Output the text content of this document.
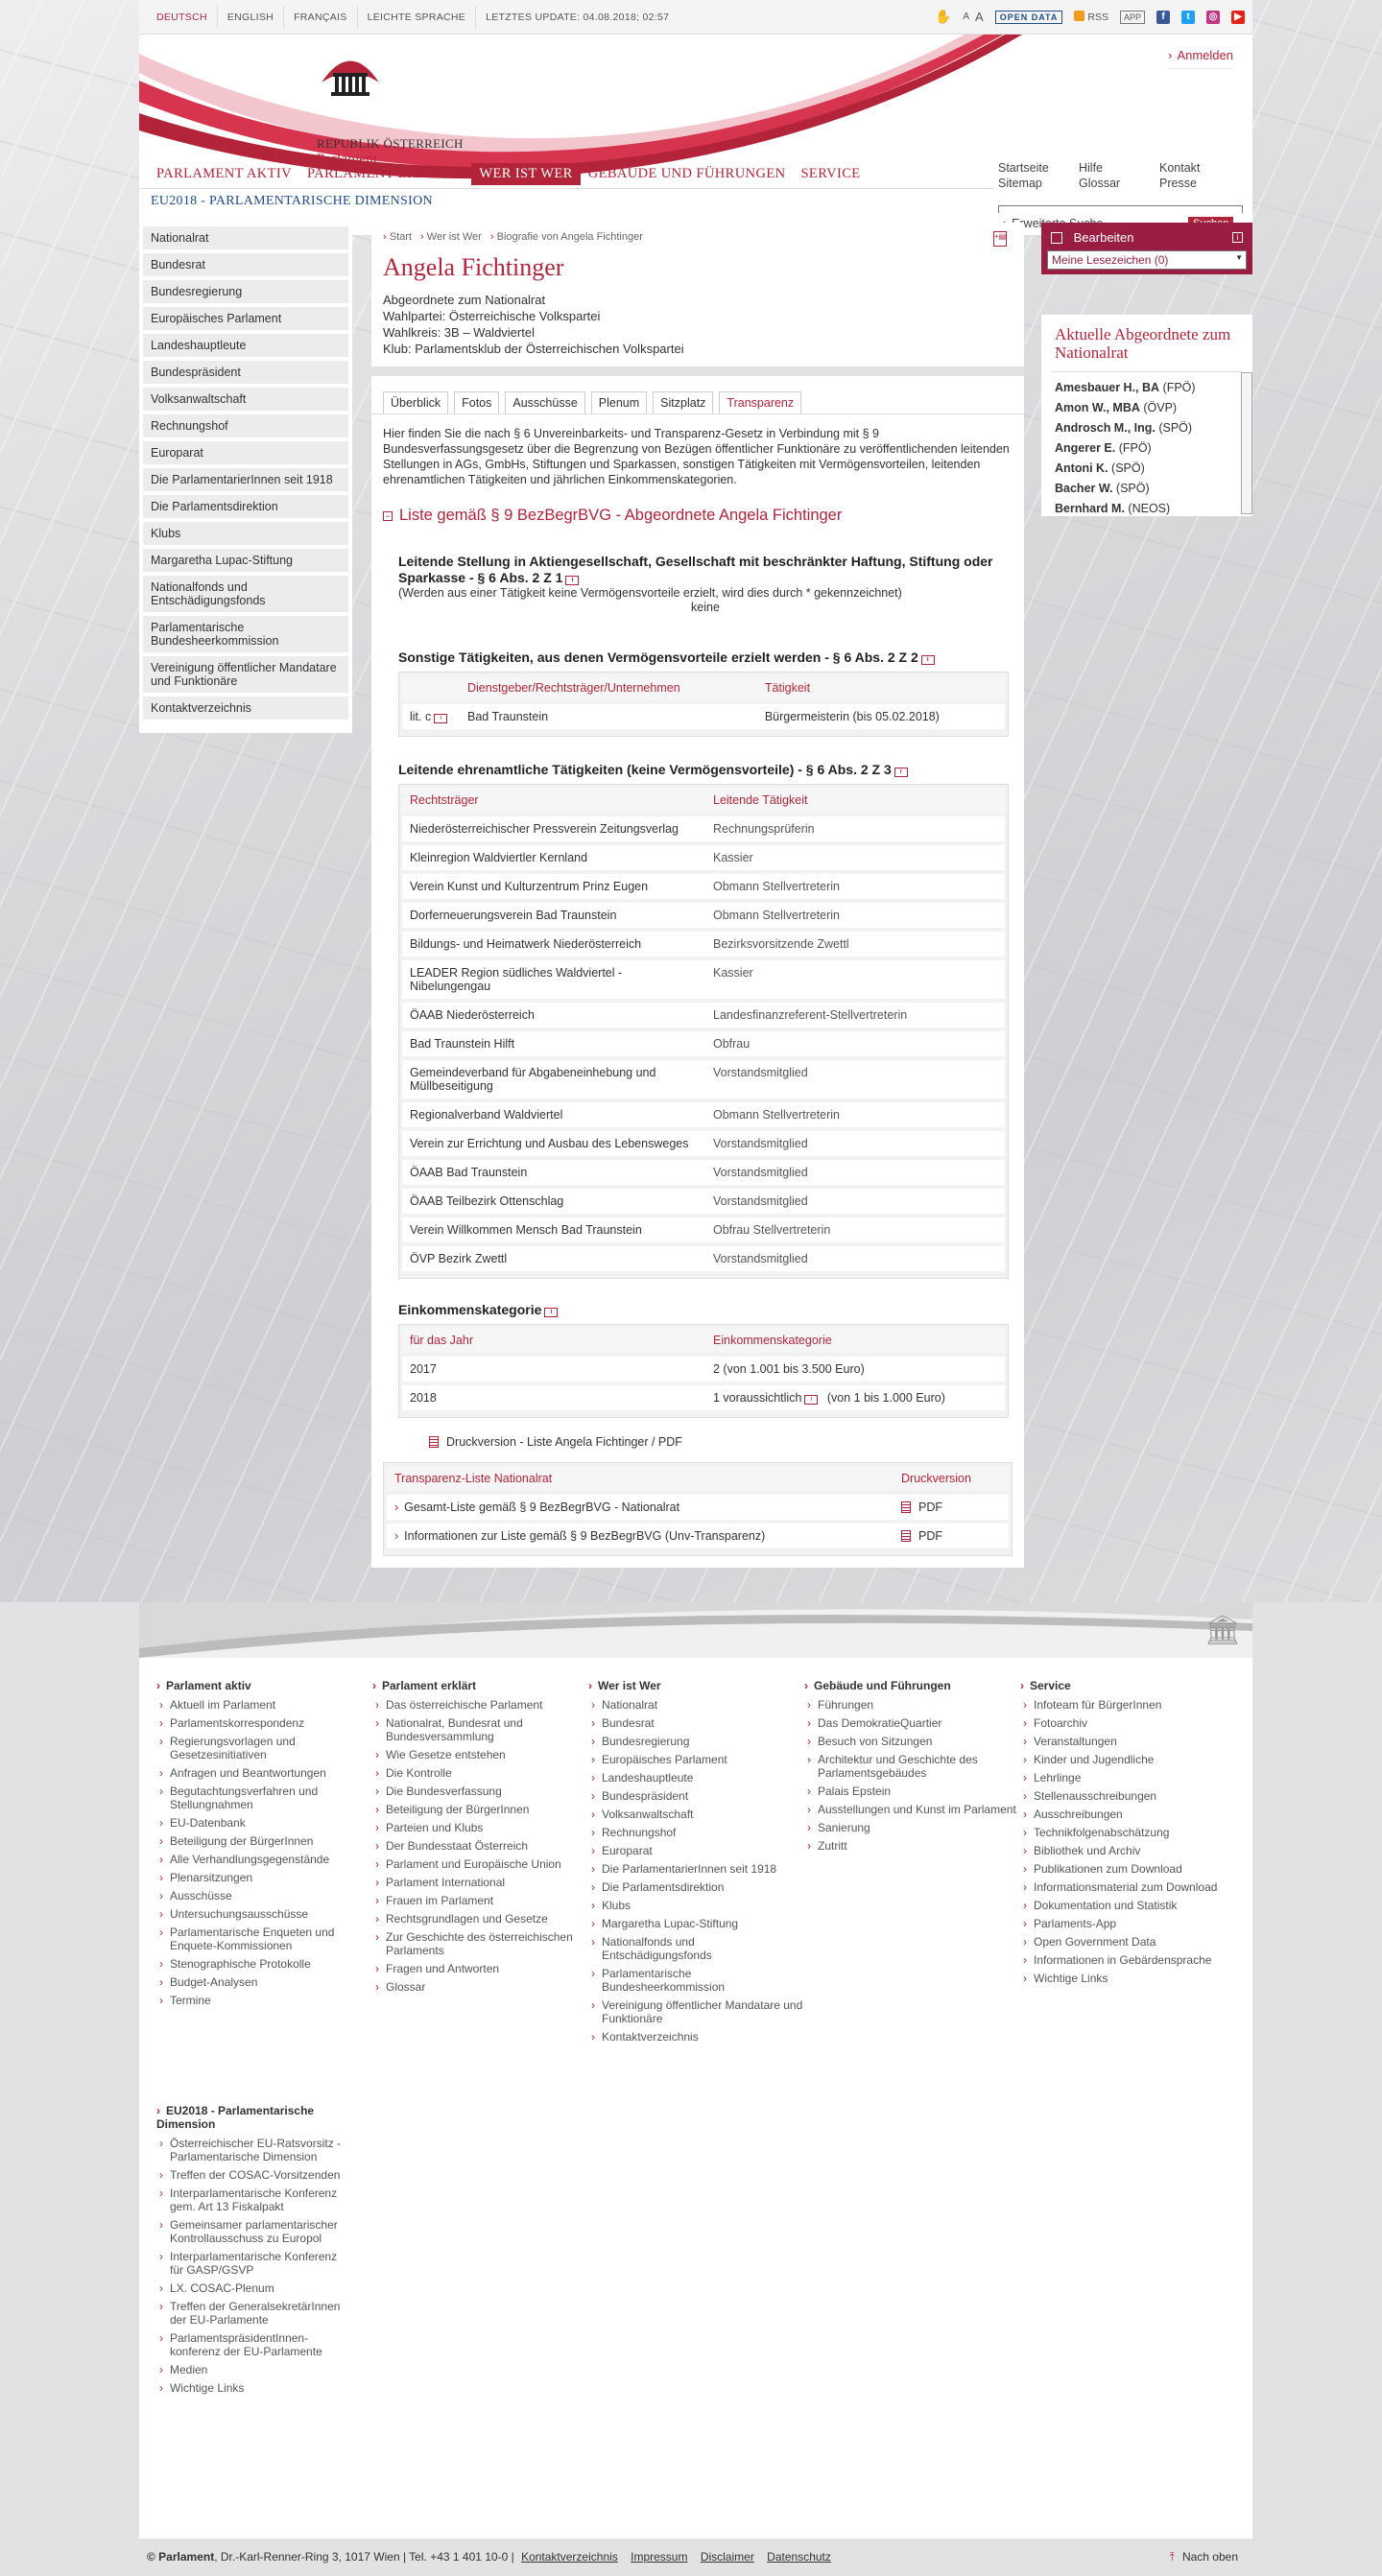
DEUTSCH	ENGLISH	FRANÇAIS	LEICHTE SPRACHE	LETZTES UPDATE: 04.08.2018; 02:57	✋ A A	OPEN DATA	RSS	APP	f	t	◎	▶
REPUBLIK ÖSTERREICH
Parlament
› Anmelden
PARLAMENT AKTIV	PARLAMENT ERKLÄRT	WER IST WER	GEBÄUDE UND FÜHRUNGEN	SERVICE
EU2018 - PARLAMENTARISCHE DIMENSION
Startseite	Hilfe	Kontakt
Sitemap	Glossar	Presse
› Erweiterte
Nationalrat
Bundesrat
Bundesregierung
Europäisches Parlament
Landeshauptleute
Bundespräsident
Volksanwaltschaft
Rechnungshof
Europarat
Die ParlamentarierInnen seit 1918
Die Parlamentsdirektion
Klubs
Margaretha Lupac-Stiftung
Nationalfonds und Entschädigungsfonds
Parlamentarische Bundesheerkommission
Vereinigung öffentlicher Mandatare und Funktionäre
Kontaktverzeichnis
› Start › Wer ist Wer › Biografie von Angela Fichtinger	+▤
Angela Fichtinger
Abgeordnete zum Nationalrat
Wahlpartei: Österreichische Volkspartei
Wahlkreis: 3B – Waldviertel
Klub: Parlamentsklub der Österreichischen Volkspartei
Überblick	Fotos	Ausschüsse	Plenum	Sitzplatz	Transparenz
Hier finden Sie die nach § 6 Unvereinbarkeits- und Transparenz-Gesetz in Verbindung mit § 9 Bundesverfassungsgesetz über die Begrenzung von Bezügen öffentlicher Funktionäre zu veröffentlichenden leitenden Stellungen in AGs, GmbHs, Stiftungen und Sparkassen, sonstigen Tätigkeiten mit Vermögensvorteilen, leitenden ehrenamtlichen Tätigkeiten und jährlichen Einkommenskategorien.
− Liste gemäß § 9 BezBegrBVG - Abgeordnete Angela Fichtinger
Leitende Stellung in Aktiengesellschaft, Gesellschaft mit beschränkter Haftung, Stiftung oder Sparkasse - § 6 Abs. 2 Z 1 i
(Werden aus einer Tätigkeit keine Vermögensvorteile erzielt, wird dies durch * gekennzeichnet)
keine
Sonstige Tätigkeiten, aus denen Vermögensvorteile erzielt werden - § 6 Abs. 2 Z 2 i
	Dienstgeber/Rechtsträger/Unternehmen	Tätigkeit
lit. c i	Bad Traunstein	Bürgermeisterin (bis 05.02.2018)
Leitende ehrenamtliche Tätigkeiten (keine Vermögensvorteile) - § 6 Abs. 2 Z 3 i
Rechtsträger	Leitende Tätigkeit
Niederösterreichischer Pressverein Zeitungsverlag	Rechnungsprüferin
Kleinregion Waldviertler Kernland	Kassier
Verein Kunst und Kulturzentrum Prinz Eugen	Obmann Stellvertreterin
Dorferneuerungsverein Bad Traunstein	Obmann Stellvertreterin
Bildungs- und Heimatwerk Niederösterreich	Bezirksvorsitzende Zwettl
LEADER Region südliches Waldviertel - Nibelungengau	Kassier
ÖAAB Niederösterreich	Landesfinanzreferent-Stellvertreterin
Bad Traunstein Hilft	Obfrau
Gemeindeverband für Abgabeneinhebung und Müllbeseitigung	Vorstandsmitglied
Regionalverband Waldviertel	Obmann Stellvertreterin
Verein zur Errichtung und Ausbau des Lebensweges	Vorstandsmitglied
ÖAAB Bad Traunstein	Vorstandsmitglied
ÖAAB Teilbezirk Ottenschlag	Vorstandsmitglied
Verein Willkommen Mensch Bad Traunstein	Obfrau Stellvertreterin
ÖVP Bezirk Zwettl	Vorstandsmitglied
Einkommenskategorie i
für das Jahr	Einkommenskategorie
2017	2 (von 1.001 bis 3.500 Euro)
2018	1 voraussichtlich i (von 1 bis 1.000 Euro)
Druckversion - Liste Angela Fichtinger / PDF
Transparenz-Liste Nationalrat	Druckversion
› Gesamt-Liste gemäß § 9 BezBegrBVG - Nationalrat	PDF
› Informationen zur Liste gemäß § 9 BezBegrBVG (Unv-Transparenz)	PDF
Bearbeiten	i
Meine Lesezeichen (0) ▼
Aktuelle Abgeordnete zum Nationalrat
Amesbauer H., BA (FPÖ)
Amon W., MBA (ÖVP)
Androsch M., Ing. (SPÖ)
Angerer E. (FPÖ)
Antoni K. (SPÖ)
Bacher W. (SPÖ)
Bernhard M. (NEOS)
🏛
› Parlament aktiv
› Aktuell im Parlament
› Parlamentskorrespondenz
› Regierungsvorlagen und Gesetzesinitiativen
› Anfragen und Beantwortungen
› Begutachtungsverfahren und Stellungnahmen
› EU-Datenbank
› Beteiligung der BürgerInnen
› Alle Verhandlungsgegenstände
› Plenarsitzungen
› Ausschüsse
› Untersuchungsausschüsse
› Parlamentarische Enqueten und Enquete-Kommissionen
› Stenographische Protokolle
› Budget-Analysen
› Termine
› Parlament erklärt
› Das österreichische Parlament
› Nationalrat, Bundesrat und Bundesversammlung
› Wie Gesetze entstehen
› Die Kontrolle
› Die Bundesverfassung
› Beteiligung der BürgerInnen
› Parteien und Klubs
› Der Bundesstaat Österreich
› Parlament und Europäische Union
› Parlament International
› Frauen im Parlament
› Rechtsgrundlagen und Gesetze
› Zur Geschichte des österreichischen Parlaments
› Fragen und Antworten
› Glossar
› Wer ist Wer
› Nationalrat
› Bundesrat
› Bundesregierung
› Europäisches Parlament
› Landeshauptleute
› Bundespräsident
› Volksanwaltschaft
› Rechnungshof
› Europarat
› Die ParlamentarierInnen seit 1918
› Die Parlamentsdirektion
› Klubs
› Margaretha Lupac-Stiftung
› Nationalfonds und Entschädigungsfonds
› Parlamentarische Bundesheerkommission
› Vereinigung öffentlicher Mandatare und Funktionäre
› Kontaktverzeichnis
› Gebäude und Führungen
› Führungen
› Das DemokratieQuartier
› Besuch von Sitzungen
› Architektur und Geschichte des Parlamentsgebäudes
› Palais Epstein
› Ausstellungen und Kunst im Parlament
› Sanierung
› Zutritt
› Service
› Infoteam für BürgerInnen
› Fotoarchiv
› Veranstaltungen
› Kinder und Jugendliche
› Lehrlinge
› Stellenausschreibungen
› Ausschreibungen
› Technikfolgenabschätzung
› Bibliothek und Archiv
› Publikationen zum Download
› Informationsmaterial zum Download
› Dokumentation und Statistik
› Parlaments-App
› Open Government Data
› Informationen in Gebärdensprache
› Wichtige Links
› EU2018 - Parlamentarische Dimension
› Österreichischer EU-Ratsvorsitz - Parlamentarische Dimension
› Treffen der COSAC-Vorsitzenden
› Interparlamentarische Konferenz gem. Art 13 Fiskalpakt
› Gemeinsamer parlamentarischer Kontrollausschuss zu Europol
› Interparlamentarische Konferenz für GASP/GSVP
› LX. COSAC-Plenum
› Treffen der GeneralsekretärInnen der EU-Parlamente
› ParlamentspräsidentInnen-konferenz der EU-Parlamente
› Medien
› Wichtige Links
© Parlament, Dr.-Karl-Renner-Ring 3, 1017 Wien | Tel. +43 1 401 10-0 | Kontaktverzeichnis Impressum Disclaimer Datenschutz	⤒ Nach oben
